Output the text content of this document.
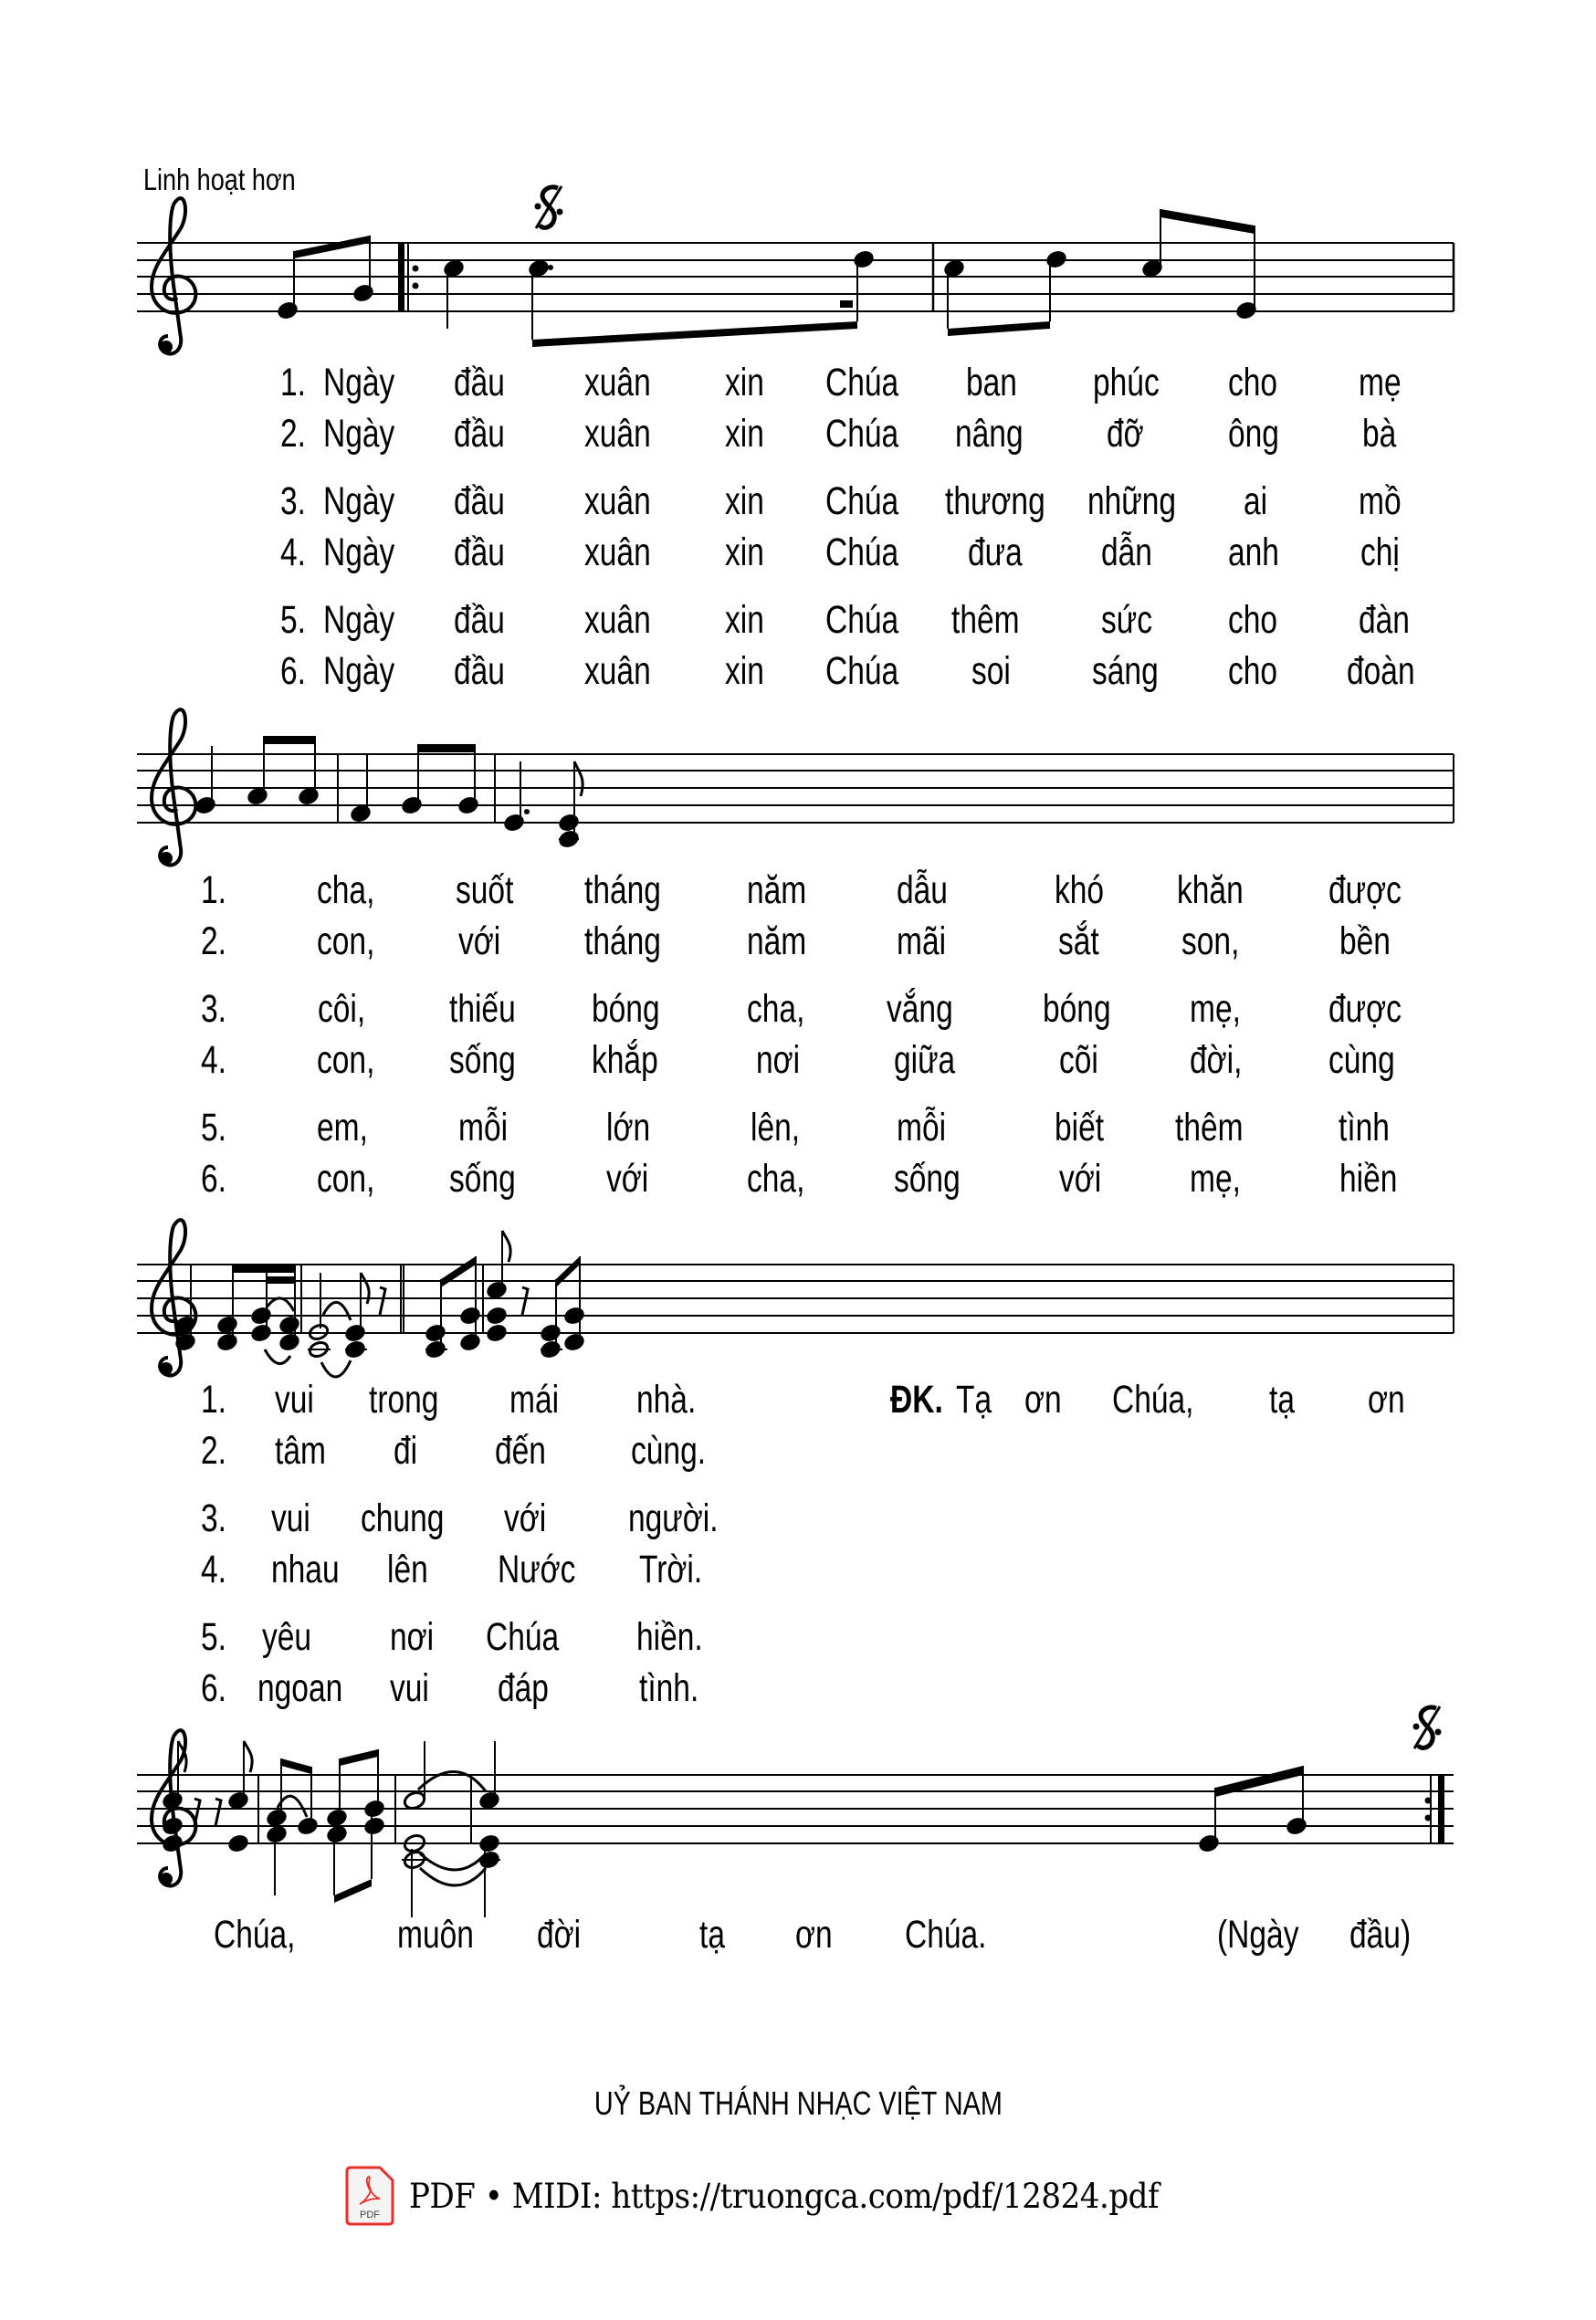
Linh hoạt hơn
1. Ngày đầu xuân xin Chúa ban phúc cho mẹ
2. Ngày đầu xuân xin Chúa nâng đỡ ông bà
3. Ngày đầu xuân xin Chúa thương những ai mồ
4. Ngày đầu xuân xin Chúa đưa dẫn anh chị
5. Ngày đầu xuân xin Chúa thêm sức cho đàn
6. Ngày đầu xuân xin Chúa soi sáng cho đoàn
1. cha, suốt tháng năm dẫu	khó khăn được
2. con, với tháng năm mãi	sắt son,	bền
3. côi, thiếu bóng cha, vắng bóng mẹ, được
4. con, sống khắp nơi giữa	cõi đời, cùng
5. em, mỗi	lớn	lên, mỗi	biết thêm tình
6. con, sống với	cha, sống	với mẹ,	hiền
1. vui trong mái nhà.	ĐK. Tạ ơn Chúa, tạ ơn
2. tâm đi đến cùng.
3. vui chung với người.
4. nhau lên Nước Trời.
5. yêu nơi Chúa hiền.
6. ngoan vui đáp tình.
Chúa,	muôn đời	tạ ơn Chúa.	(Ngày đầu)
UỶ BAN THÁNH NHẠC VIỆT NAM
PDF PDF • MIDI: https://truongca.com/pdf/12824.pdf
